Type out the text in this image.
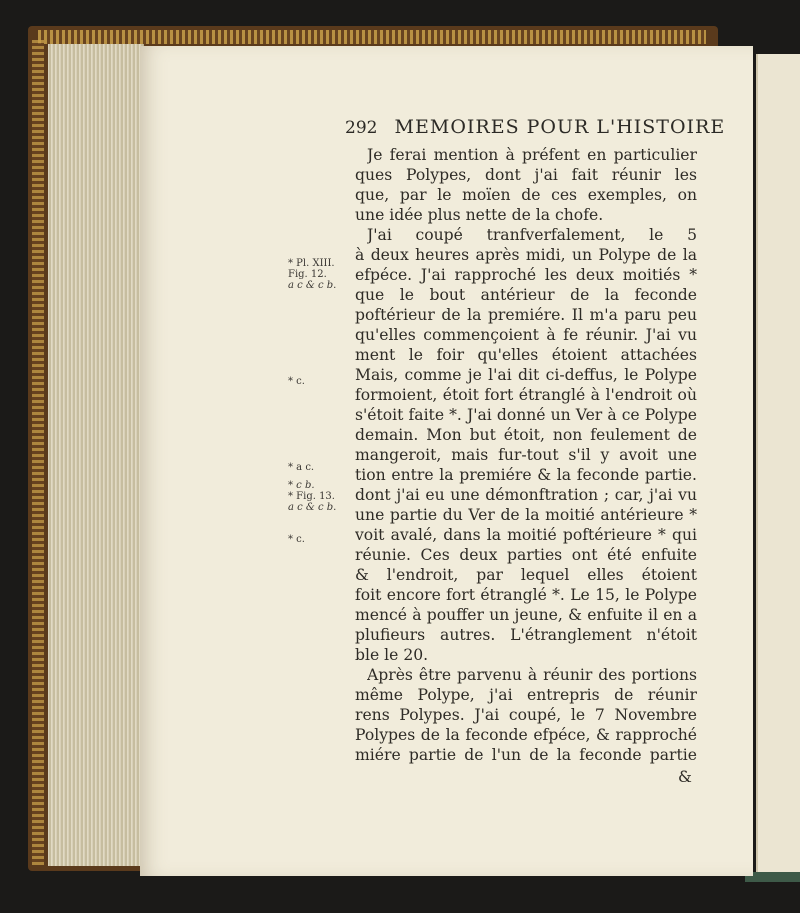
292 MEMOIRES POUR L'HISTOIRE
Je ferai mention à préfent en particulier
ques Polypes, dont j'ai fait réunir les
que, par le moïen de ces exemples, on
une idée plus nette de la chofe.
J'ai coupé tranfverfalement, le 5
à deux heures après midi, un Polype de la
efpéce. J'ai rapproché les deux moitiés *
que le bout antérieur de la feconde
poftérieur de la premiére. Il m'a paru peu
qu'elles commençoient à fe réunir. J'ai vu
ment le foir qu'elles étoient attachées
Mais, comme je l'ai dit ci-deffus, le Polype
formoient, étoit fort étranglé à l'endroit où
s'étoit faite *. J'ai donné un Ver à ce Polype
demain. Mon but étoit, non feulement de
mangeroit, mais fur-tout s'il y avoit une
tion entre la premiére & la feconde partie.
dont j'ai eu une démonftration ; car, j'ai vu
une partie du Ver de la moitié antérieure *
voit avalé, dans la moitié poftérieure * qui
réunie. Ces deux parties ont été enfuite
& l'endroit, par lequel elles étoient
foit encore fort étranglé *. Le 15, le Polype
mencé à pouffer un jeune, & enfuite il en a
plufieurs autres. L'étranglement n'étoit
ble le 20.
Après être parvenu à réunir des portions
même Polype, j'ai entrepris de réunir
rens Polypes. J'ai coupé, le 7 Novembre
Polypes de la feconde efpéce, & rapproché
miére partie de l'un de la feconde partie
&
* Pl. XIII.
Fig. 12.
a c & c b.
* c.
* a c.
* c b.
* Fig. 13.
a c & c b.
* c.
